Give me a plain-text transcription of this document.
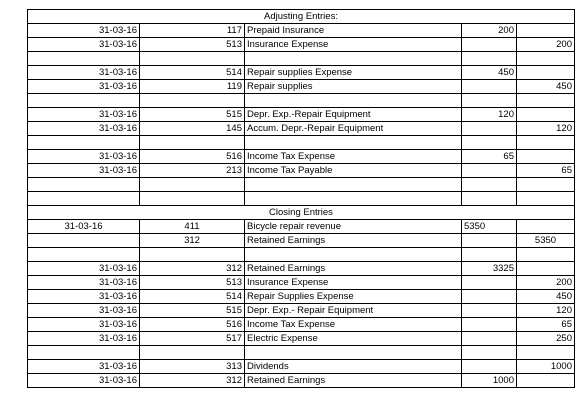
Adjusting Entries:				
31-03-16	117	Prepaid Insurance	200	
31-03-16	513	Insurance Expense		200

31-03-16	514	Repair supplies Expense	450	
31-03-16	119	Repair supplies		450

31-03-16	515	Depr. Exp.-Repair Equipment	120	
31-03-16	145	Accum. Depr.-Repair Equipment		120

31-03-16	516	Income Tax Expense	65	
31-03-16	213	Income Tax Payable		65

Closing Entries				
31-03-16	411	Bicycle repair revenue	5350	
	312	Retained Earnings		5350

31-03-16	312	Retained Earnings	3325	
31-03-16	513	Insurance Expense		200
31-03-16	514	Repair Supplies Expense		450
31-03-16	515	Depr. Exp.- Repair Equipment		120
31-03-16	516	Income Tax Expense		65
31-03-16	517	Electric Expense		250

31-03-16	313	Dividends		1000
31-03-16	312	Retained Earnings	1000	
